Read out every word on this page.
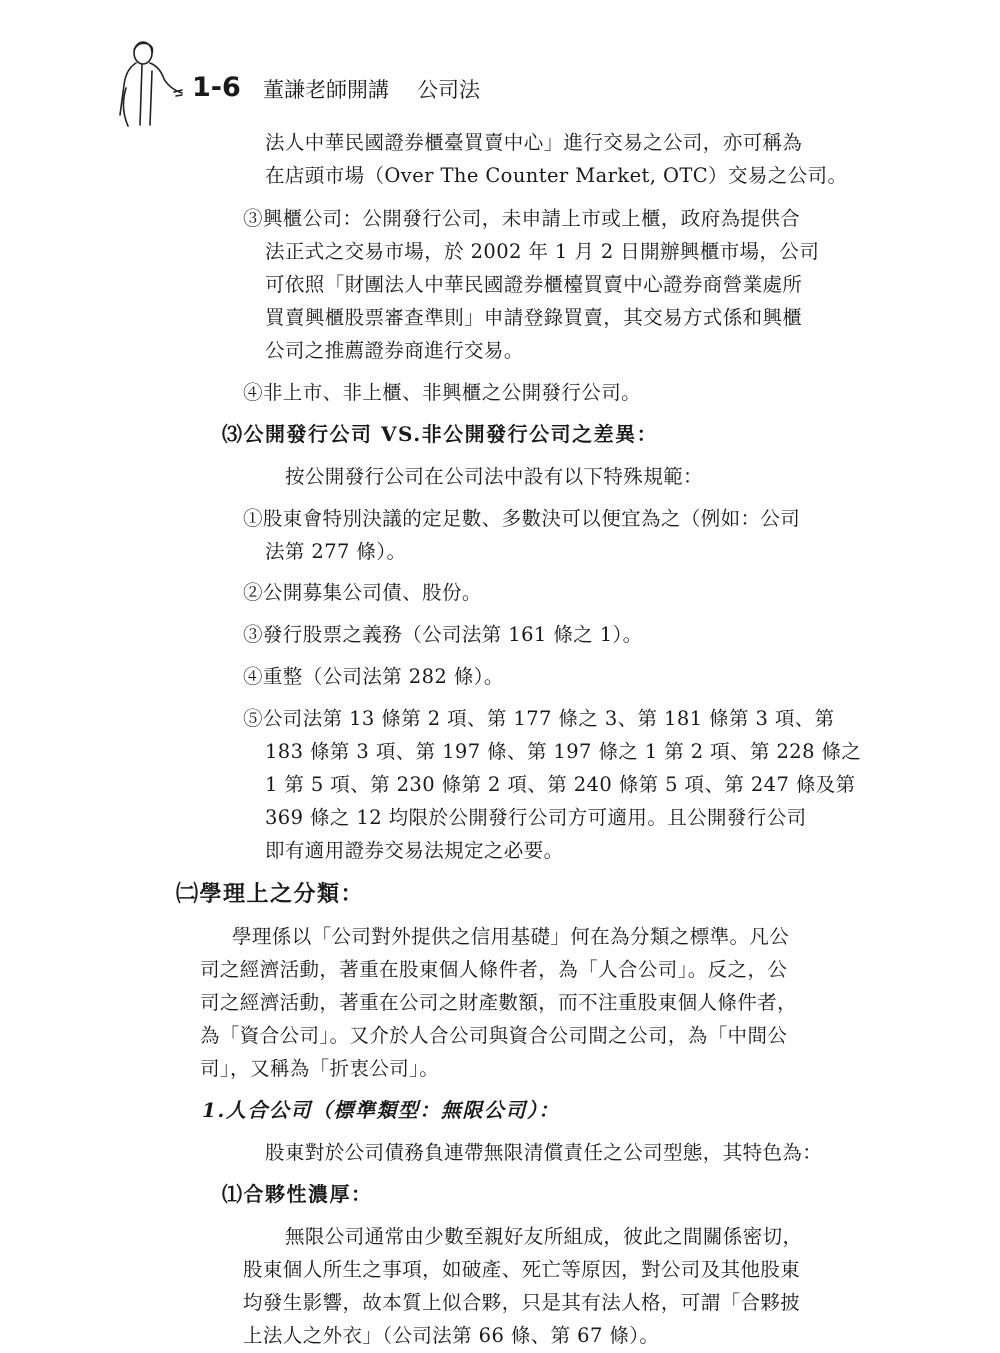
1-6 董謙老師開講 公司法
法人中華民國證券櫃臺買賣中心」進行交易之公司，亦可稱為
在店頭市場（Over The Counter Market, OTC）交易之公司。
③興櫃公司：公開發行公司，未申請上市或上櫃，政府為提供合
法正式之交易市場，於 2002 年 1 月 2 日開辦興櫃市場，公司
可依照「財團法人中華民國證券櫃檯買賣中心證券商營業處所
買賣興櫃股票審查準則」申請登錄買賣，其交易方式係和興櫃
公司之推薦證券商進行交易。
④非上市、非上櫃、非興櫃之公開發行公司。
⑶公開發行公司 VS.非公開發行公司之差異：
按公開發行公司在公司法中設有以下特殊規範：
①股東會特別決議的定足數、多數決可以便宜為之（例如：公司
法第 277 條）。
②公開募集公司債、股份。
③發行股票之義務（公司法第 161 條之 1）。
④重整（公司法第 282 條）。
⑤公司法第 13 條第 2 項、第 177 條之 3、第 181 條第 3 項、第
183 條第 3 項、第 197 條、第 197 條之 1 第 2 項、第 228 條之
1 第 5 項、第 230 條第 2 項、第 240 條第 5 項、第 247 條及第
369 條之 12 均限於公開發行公司方可適用。且公開發行公司
即有適用證券交易法規定之必要。
㈡學理上之分類：
學理係以「公司對外提供之信用基礎」何在為分類之標準。凡公
司之經濟活動，著重在股東個人條件者，為「人合公司」。反之，公
司之經濟活動，著重在公司之財產數額，而不注重股東個人條件者，
為「資合公司」。又介於人合公司與資合公司間之公司，為「中間公
司」，又稱為「折衷公司」。
1.人合公司（標準類型：無限公司）：
股東對於公司債務負連帶無限清償責任之公司型態，其特色為：
⑴合夥性濃厚：
無限公司通常由少數至親好友所組成，彼此之間關係密切，
股東個人所生之事項，如破產、死亡等原因，對公司及其他股東
均發生影響，故本質上似合夥，只是其有法人格，可謂「合夥披
上法人之外衣」（公司法第 66 條、第 67 條）。
